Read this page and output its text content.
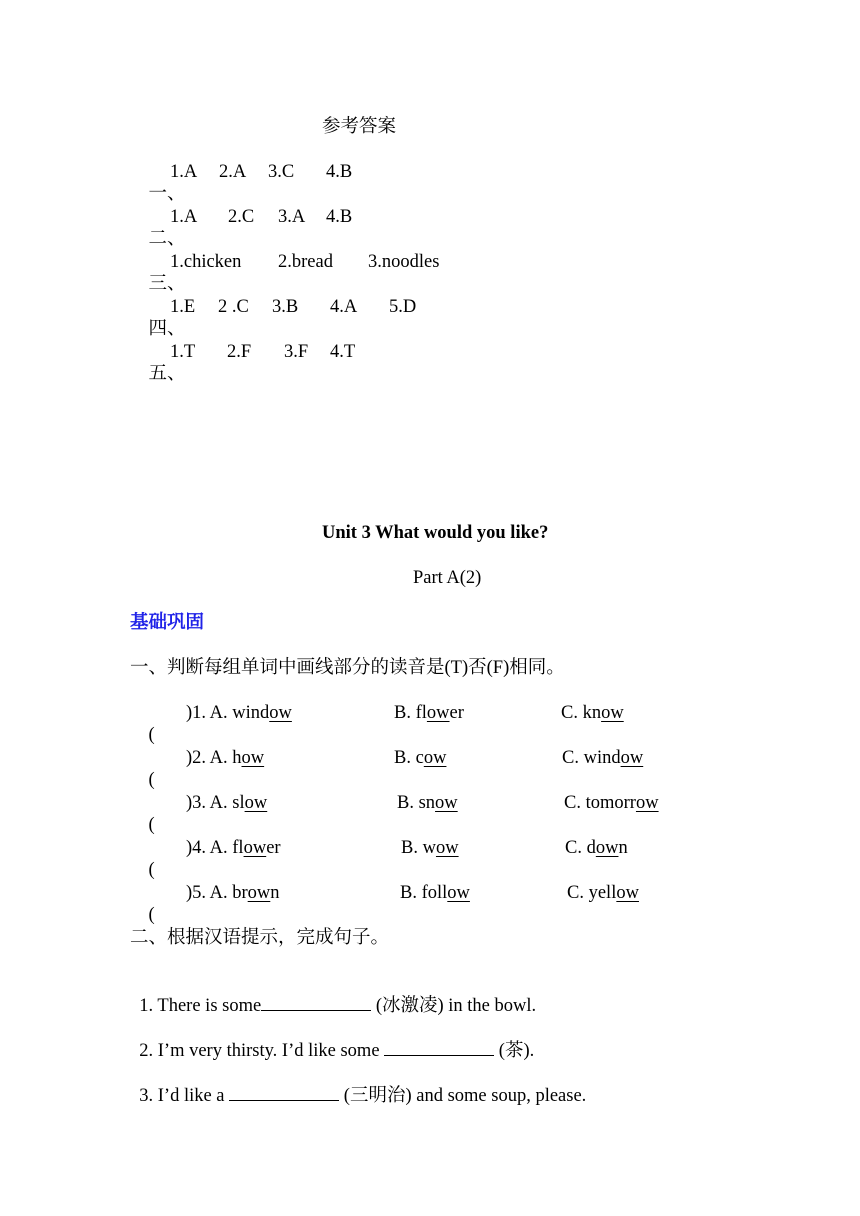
参考答案

一、
1.A 2.A 3.C 4.B

二、
1.A 2.C 3.A 4.B

三、
1.chicken 2.bread 3.noodles

四、
1.E 2 .C 3.B 4.A 5.D

五、
1.T 2.F 3.F 4.T

Unit 3 What would you like?
Part A(2)
基础巩固
一、判断每组单词中画线部分的读音是(T)否(F)相同。

(

)1. A. window

	B. flower

	C. know

(

)2. A. how

	B. cow

	C. window

(

)3. A. slow

	B. snow

	C. tomorrow

(

)4. A. flower

	B. wow

	C. down

(

)5. A. brown

	B. follow

	C. yellow

二、根据汉语提示，完成句子。

1. There is some	(冰激凌) in the bowl.

2. I’m very thirsty. I’d like some	(茶).

3. I’d like a	(三明治) and some soup, please.
